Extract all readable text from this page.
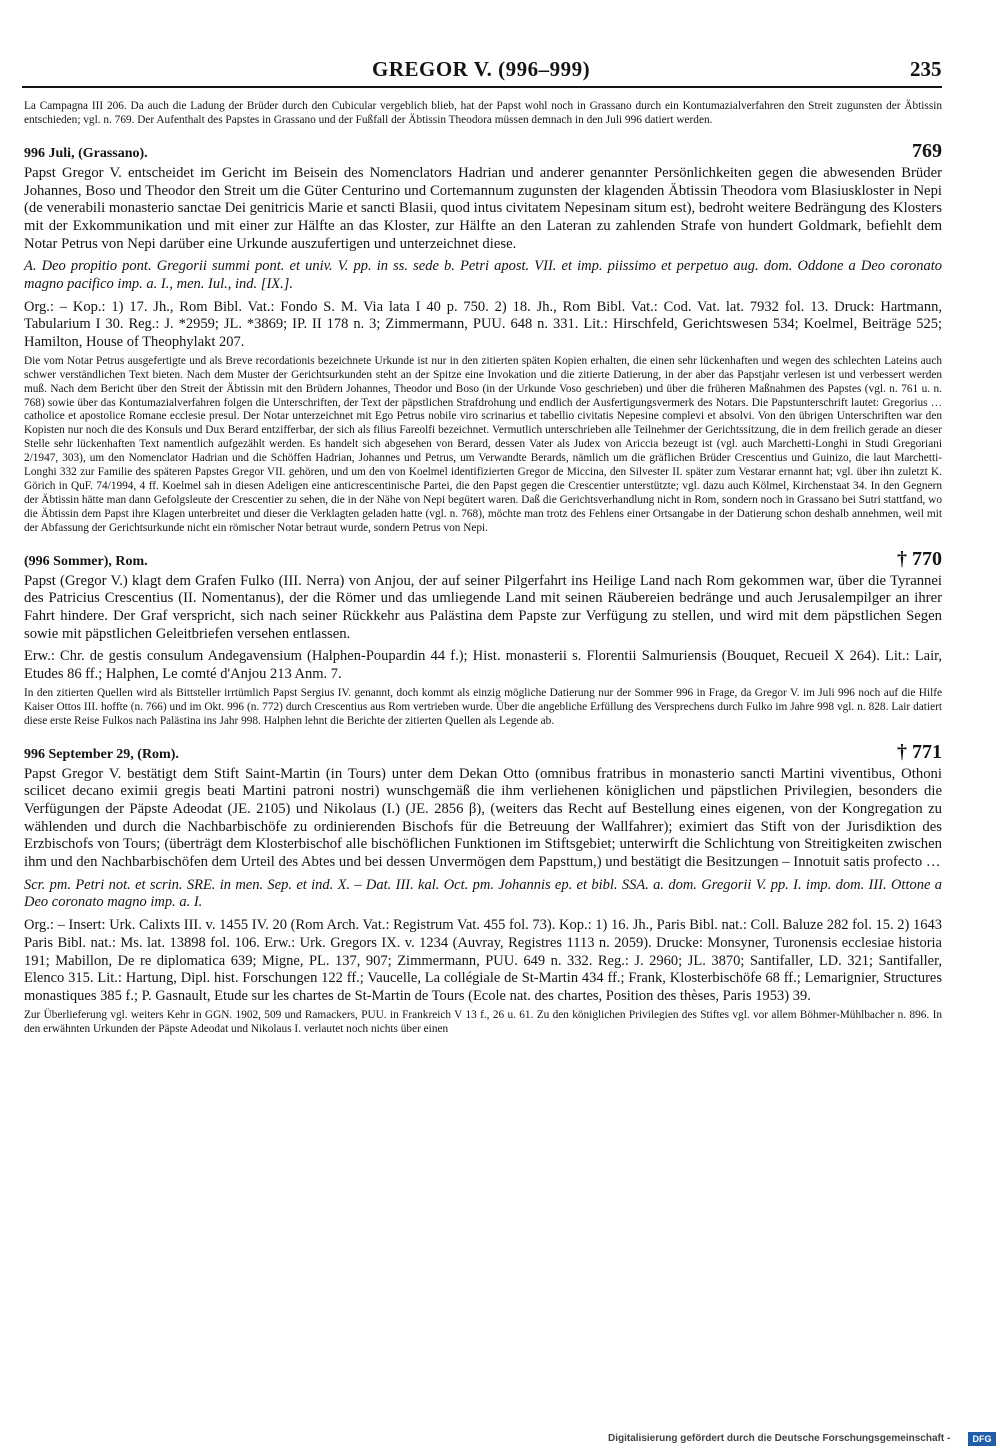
GREGOR V. (996–999)	235

La Campagna III 206. Da auch die Ladung der Brüder durch den Cubicular vergeblich blieb, hat der Papst wohl noch in Grassano durch ein Kontumazialverfahren den Streit zugunsten der Äbtissin entschieden; vgl. n. 769. Der Aufenthalt des Papstes in Grassano und der Fußfall der Äbtissin Theodora müssen demnach in den Juli 996 datiert werden.

996 Juli, (Grassano).	769

Papst Gregor V. entscheidet im Gericht im Beisein des Nomenclators Hadrian und anderer genannter Persönlichkeiten gegen die abwesenden Brüder Johannes, Boso und Theodor den Streit um die Güter Centurino und Cortemannum zugunsten der klagenden Äbtissin Theodora vom Blasiuskloster in Nepi (de venerabili monasterio sanctae Dei genitricis Marie et sancti Blasii, quod intus civitatem Nepesinam situm est), bedroht weitere Bedrängung des Klosters mit der Exkommunikation und mit einer zur Hälfte an das Kloster, zur Hälfte an den Lateran zu zahlenden Strafe von hundert Goldmark, befiehlt dem Notar Petrus von Nepi darüber eine Urkunde auszufertigen und unterzeichnet diese.

A. Deo propitio pont. Gregorii summi pont. et univ. V. pp. in ss. sede b. Petri apost. VII. et imp. piissimo et perpetuo aug. dom. Oddone a Deo coronato magno pacifico imp. a. I., men. Iul., ind. [IX.].

Org.: – Kop.: 1) 17. Jh., Rom Bibl. Vat.: Fondo S. M. Via lata I 40 p. 750. 2) 18. Jh., Rom Bibl. Vat.: Cod. Vat. lat. 7932 fol. 13. Druck: Hartmann, Tabularium I 30. Reg.: J. *2959; JL. *3869; IP. II 178 n. 3; Zimmermann, PUU. 648 n. 331. Lit.: Hirschfeld, Gerichtswesen 534; Koelmel, Beiträge 525; Hamilton, House of Theophylakt 207.

Die vom Notar Petrus ausgefertigte und als Breve recordationis bezeichnete Urkunde ist nur in den zitierten späten Kopien erhalten, die einen sehr lückenhaften und wegen des schlechten Lateins auch schwer verständlichen Text bieten. Nach dem Muster der Gerichtsurkunden steht an der Spitze eine Invokation und die zitierte Datierung, in der aber das Papstjahr verlesen ist und verbessert werden muß. Nach dem Bericht über den Streit der Äbtissin mit den Brüdern Johannes, Theodor und Boso (in der Urkunde Voso geschrieben) und über die früheren Maßnahmen des Papstes (vgl. n. 761 u. n. 768) sowie über das Kontumazialverfahren folgen die Unterschriften, der Text der päpstlichen Strafdrohung und endlich der Ausfertigungsvermerk des Notars. Die Papstunterschrift lautet: Gregorius … catholice et apostolice Romane ecclesie presul. Der Notar unterzeichnet mit Ego Petrus nobile viro scrinarius et tabellio civitatis Nepesine complevi et absolvi. Von den übrigen Unterschriften war den Kopisten nur noch die des Konsuls und Dux Berard entzifferbar, der sich als filius Fareolfi bezeichnet. Vermutlich unterschrieben alle Teilnehmer der Gerichtssitzung, die in dem freilich gerade an dieser Stelle sehr lückenhaften Text namentlich aufgezählt werden. Es handelt sich abgesehen von Berard, dessen Vater als Judex von Ariccia bezeugt ist (vgl. auch Marchetti-Longhi in Studi Gregoriani 2/1947, 303), um den Nomenclator Hadrian und die Schöffen Hadrian, Johannes und Petrus, um Verwandte Berards, nämlich um die gräflichen Brüder Crescentius und Guinizo, die laut Marchetti-Longhi 332 zur Familie des späteren Papstes Gregor VII. gehören, und um den von Koelmel identifizierten Gregor de Miccina, den Silvester II. später zum Vestarar ernannt hat; vgl. über ihn zuletzt K. Görich in QuF. 74/1994, 4 ff. Koelmel sah in diesen Adeligen eine anticrescentinische Partei, die den Papst gegen die Crescentier unterstützte; vgl. dazu auch Kölmel, Kirchenstaat 34. In den Gegnern der Äbtissin hätte man dann Gefolgsleute der Crescentier zu sehen, die in der Nähe von Nepi begütert waren. Daß die Gerichtsverhandlung nicht in Rom, sondern noch in Grassano bei Sutri stattfand, wo die Äbtissin dem Papst ihre Klagen unterbreitet und dieser die Verklagten geladen hatte (vgl. n. 768), möchte man trotz des Fehlens einer Ortsangabe in der Datierung schon deshalb annehmen, weil mit der Abfassung der Gerichtsurkunde nicht ein römischer Notar betraut wurde, sondern Petrus von Nepi.

(996 Sommer), Rom.	† 770

Papst (Gregor V.) klagt dem Grafen Fulko (III. Nerra) von Anjou, der auf seiner Pilgerfahrt ins Heilige Land nach Rom gekommen war, über die Tyrannei des Patricius Crescentius (II. Nomentanus), der die Römer und das umliegende Land mit seinen Räubereien bedränge und auch Jerusalempilger an ihrer Fahrt hindere. Der Graf verspricht, sich nach seiner Rückkehr aus Palästina dem Papste zur Verfügung zu stellen, und wird mit dem päpstlichen Segen sowie mit päpstlichen Geleitbriefen versehen entlassen.

Erw.: Chr. de gestis consulum Andegavensium (Halphen-Poupardin 44 f.); Hist. monasterii s. Florentii Salmuriensis (Bouquet, Recueil X 264). Lit.: Lair, Etudes 86 ff.; Halphen, Le comté d'Anjou 213 Anm. 7.

In den zitierten Quellen wird als Bittsteller irrtümlich Papst Sergius IV. genannt, doch kommt als einzig mögliche Datierung nur der Sommer 996 in Frage, da Gregor V. im Juli 996 noch auf die Hilfe Kaiser Ottos III. hoffte (n. 766) und im Okt. 996 (n. 772) durch Crescentius aus Rom vertrieben wurde. Über die angebliche Erfüllung des Versprechens durch Fulko im Jahre 998 vgl. n. 828. Lair datiert diese erste Reise Fulkos nach Palästina ins Jahr 998. Halphen lehnt die Berichte der zitierten Quellen als Legende ab.

996 September 29, (Rom).	† 771

Papst Gregor V. bestätigt dem Stift Saint-Martin (in Tours) unter dem Dekan Otto (omnibus fratribus in monasterio sancti Martini viventibus, Othoni scilicet decano eximii gregis beati Martini patroni nostri) wunschgemäß die ihm verliehenen königlichen und päpstlichen Privilegien, besonders die Verfügungen der Päpste Adeodat (JE. 2105) und Nikolaus (I.) (JE. 2856 β), (weiters das Recht auf Bestellung eines eigenen, von der Kongregation zu wählenden und durch die Nachbarbischöfe zu ordinierenden Bischofs für die Betreuung der Wallfahrer); eximiert das Stift von der Jurisdiktion des Erzbischofs von Tours; (überträgt dem Klosterbischof alle bischöflichen Funktionen im Stiftsgebiet; unterwirft die Schlichtung von Streitigkeiten zwischen ihm und den Nachbarbischöfen dem Urteil des Abtes und bei dessen Unvermögen dem Papsttum,) und bestätigt die Besitzungen – Innotuit satis profecto …

Scr. pm. Petri not. et scrin. SRE. in men. Sep. et ind. X. – Dat. III. kal. Oct. pm. Johannis ep. et bibl. SSA. a. dom. Gregorii V. pp. I. imp. dom. III. Ottone a Deo coronato magno imp. a. I.

Org.: – Insert: Urk. Calixts III. v. 1455 IV. 20 (Rom Arch. Vat.: Registrum Vat. 455 fol. 73). Kop.: 1) 16. Jh., Paris Bibl. nat.: Coll. Baluze 282 fol. 15. 2) 1643 Paris Bibl. nat.: Ms. lat. 13898 fol. 106. Erw.: Urk. Gregors IX. v. 1234 (Auvray, Registres 1113 n. 2059). Drucke: Monsyner, Turonensis ecclesiae historia 191; Mabillon, De re diplomatica 639; Migne, PL. 137, 907; Zimmermann, PUU. 649 n. 332. Reg.: J. 2960; JL. 3870; Santifaller, LD. 321; Santifaller, Elenco 315. Lit.: Hartung, Dipl. hist. Forschungen 122 ff.; Vaucelle, La collégiale de St-Martin 434 ff.; Frank, Klosterbischöfe 68 ff.; Lemarignier, Structures monastiques 385 f.; P. Gasnault, Etude sur les chartes de St-Martin de Tours (Ecole nat. des chartes, Position des thèses, Paris 1953) 39.

Zur Überlieferung vgl. weiters Kehr in GGN. 1902, 509 und Ramackers, PUU. in Frankreich V 13 f., 26 u. 61. Zu den königlichen Privilegien des Stiftes vgl. vor allem Böhmer-Mühlbacher n. 896. In den erwähnten Urkunden der Päpste Adeodat und Nikolaus I. verlautet noch nichts über einen

Digitalisierung gefördert durch die Deutsche Forschungsgemeinschaft -	DFG
